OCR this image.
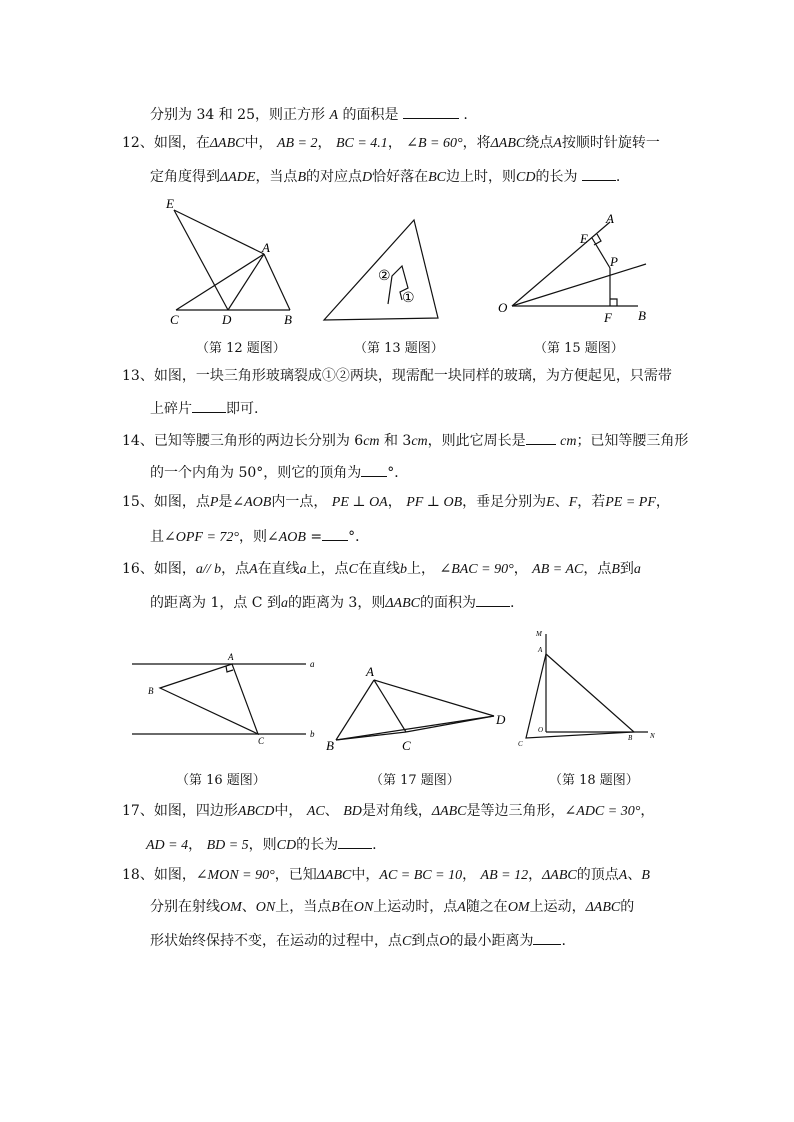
分别为 34 和 25，则正方形 A 的面积是	.
12、如图，在ΔABC中， AB = 2， BC = 4.1， ∠B = 60°，将ΔABC绕点A按顺时针旋转一
定角度得到ΔADE，当点B的对应点D恰好落在BC边上时，则CD的长为	.
E
A
C	D	B
（第 12 题图）
②
①
（第 13 题图）
A
E
P
O
F B
（第 15 题图）
13、如图，一块三角形玻璃裂成①②两块，现需配一块同样的玻璃，为方便起见，只需带
上碎片 即可.
14、已知等腰三角形的两边长分别为 6cm 和 3cm，则此它周长是 cm；已知等腰三角形
的一个内角为 50°，则它的顶角为 °．
15、如图，点P是∠AOB内一点， PE ⊥ OA， PF ⊥ OB，垂足分别为E、F，若PE = PF，
且∠OPF = 72°，则∠AOB = °．
16、如图，a// b，点A在直线a上，点C在直线b上， ∠BAC = 90°， AB = AC，点B到a
的距离为 1，点 C 到a的距离为 3，则ΔABC的面积为 .
A
a
B
b
C
（第 16 题图）
A
D
B	C
（第 17 题图）
M
A
O
B	N
C
（第 18 题图）
17、如图，四边形ABCD中， AC、 BD是对角线，ΔABC是等边三角形，∠ADC = 30°，
AD = 4， BD = 5，则CD的长为 .
18、如图，∠MON = 90°，已知ΔABC中，AC = BC = 10， AB = 12，ΔABC的顶点A、B
分别在射线OM、ON上，当点B在ON上运动时，点A随之在OM上运动，ΔABC的
形状始终保持不变，在运动的过程中，点C到点O的最小距离为 .
